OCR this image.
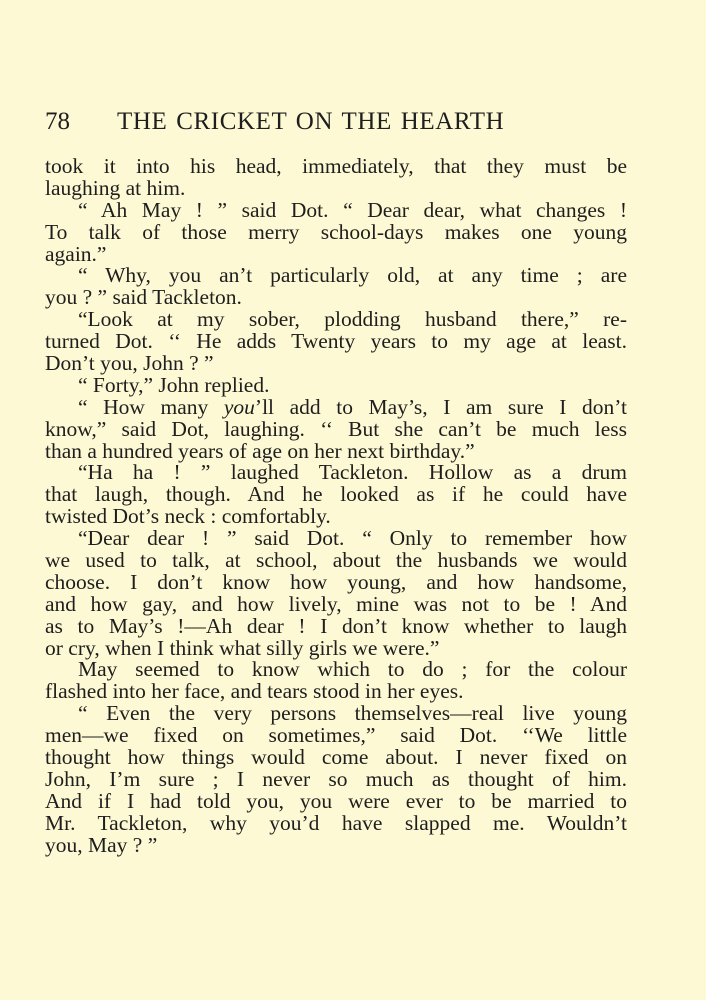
78	THE CRICKET ON THE HEARTH
took it into his head, immediately, that they must be
laughing at him.
“ Ah May ! ” said Dot. “ Dear dear, what changes !
To talk of those merry school-days makes one young
again.”
“ Why, you an’t particularly old, at any time ; are
you ? ” said Tackleton.
“Look at my sober, plodding husband there,” re-
turned Dot. ‘‘ He adds Twenty years to my age at least.
Don’t you, John ? ”
“ Forty,” John replied.
“ How many you’ll add to May’s, I am sure I don’t
know,” said Dot, laughing. ‘‘ But she can’t be much less
than a hundred years of age on her next birthday.”
“Ha ha ! ” laughed Tackleton. Hollow as a drum
that laugh, though. And he looked as if he could have
twisted Dot’s neck : comfortably.
“Dear dear ! ” said Dot. “ Only to remember how
we used to talk, at school, about the husbands we would
choose. I don’t know how young, and how handsome,
and how gay, and how lively, mine was not to be ! And
as to May’s !—Ah dear ! I don’t know whether to laugh
or cry, when I think what silly girls we were.”
May seemed to know which to do ; for the colour
flashed into her face, and tears stood in her eyes.
“ Even the very persons themselves—real live young
men—we fixed on sometimes,” said Dot. ‘‘We little
thought how things would come about. I never fixed on
John, I’m sure ; I never so much as thought of him.
And if I had told you, you were ever to be married to
Mr. Tackleton, why you’d have slapped me. Wouldn’t
you, May ? ”
